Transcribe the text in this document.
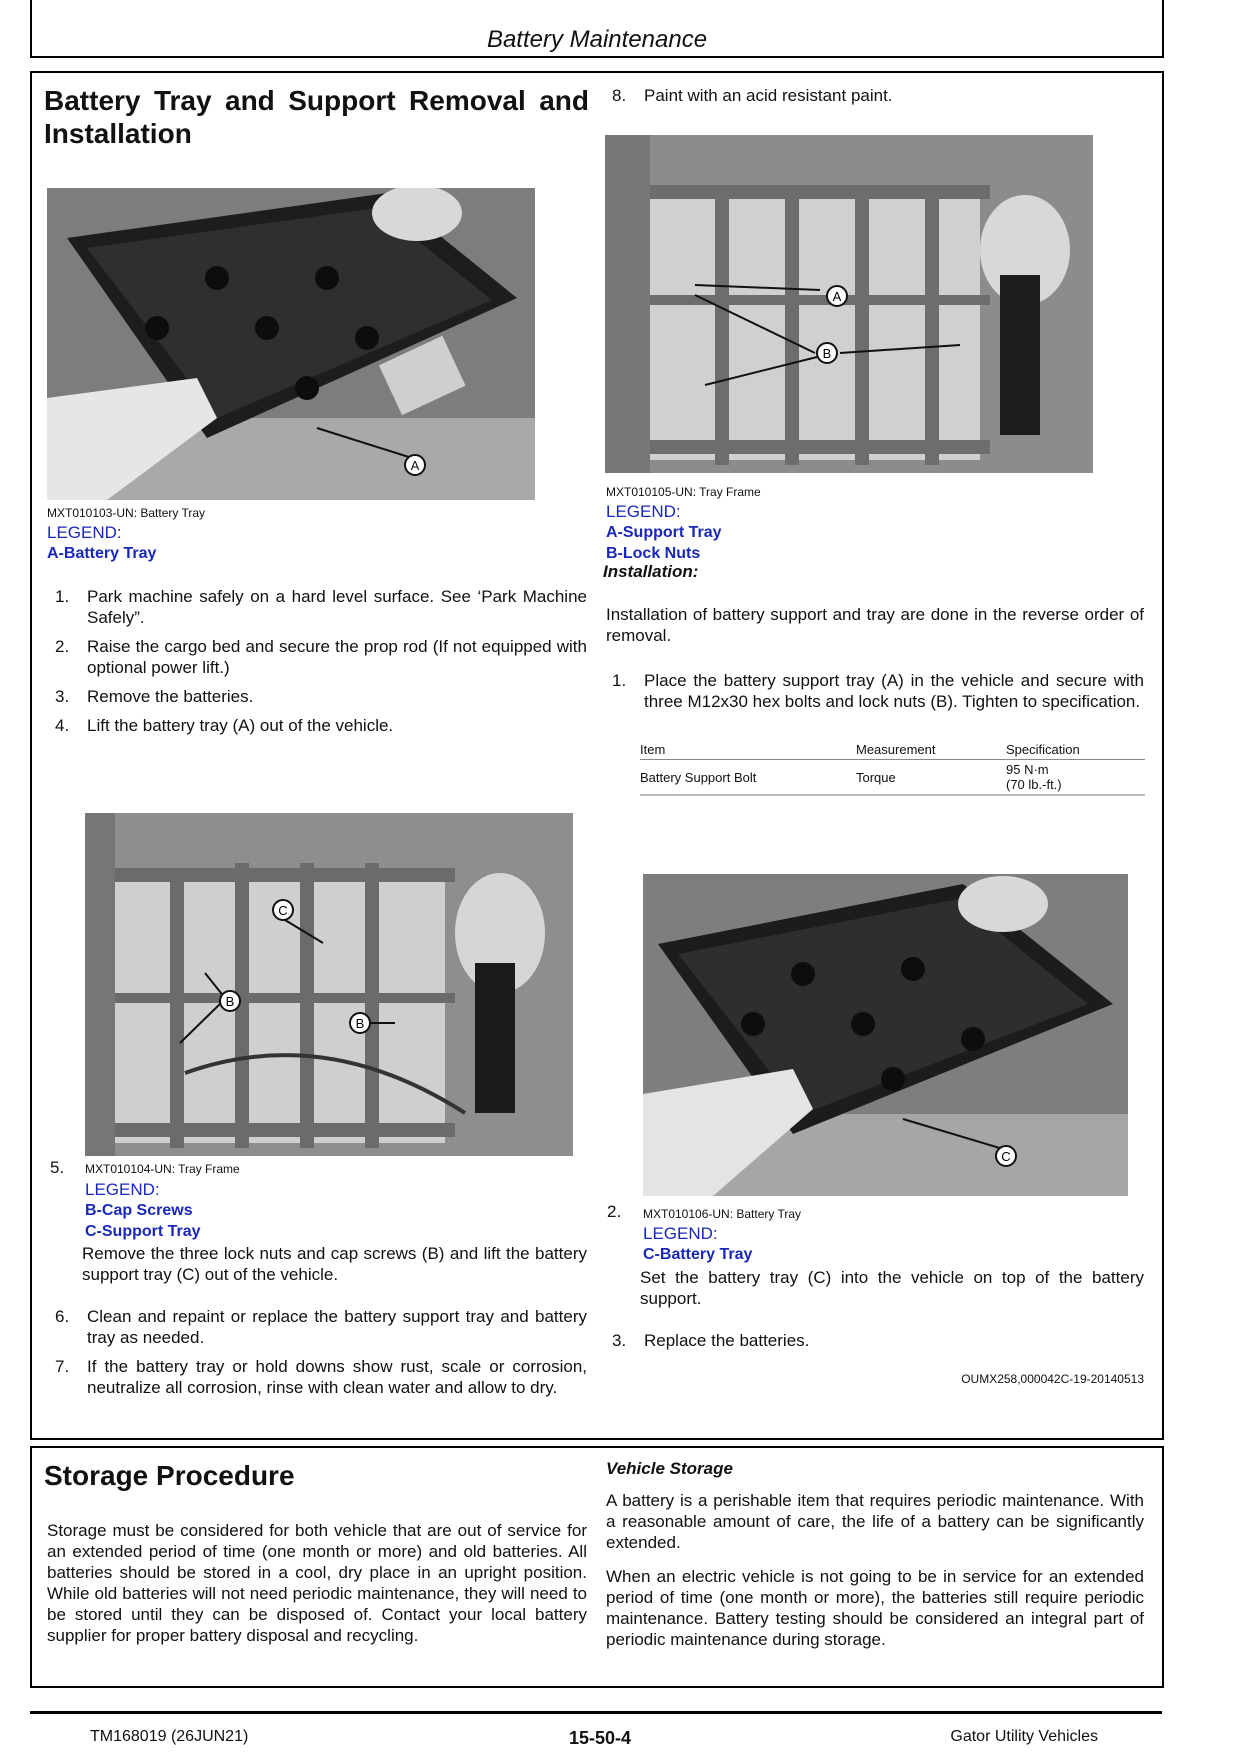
Battery Maintenance
Battery Tray and Support Removal and Installation
A
MXT010103-UN: Battery Tray
LEGEND:
A-Battery Tray
1. Park machine safely on a hard level surface. See ‘Park Machine Safely”.
2. Raise the cargo bed and secure the prop rod (If not equipped with optional power lift.)
3. Remove the batteries.
4. Lift the battery tray (A) out of the vehicle.
C
B
B
5. MXT010104-UN: Tray Frame
LEGEND:
B-Cap Screws
C-Support Tray
Remove the three lock nuts and cap screws (B) and lift the battery support tray (C) out of the vehicle.
6. Clean and repaint or replace the battery support tray and battery tray as needed.
7. If the battery tray or hold downs show rust, scale or corrosion, neutralize all corrosion, rinse with clean water and allow to dry.
8. Paint with an acid resistant paint.
A
B
MXT010105-UN: Tray Frame
LEGEND:
A-Support Tray
B-Lock Nuts
Installation:
Installation of battery support and tray are done in the reverse order of removal.
1. Place the battery support tray (A) in the vehicle and secure with three M12x30 hex bolts and lock nuts (B). Tighten to specification.
Item	Measurement	Specification
Battery Support Bolt	Torque	95 N·m
(70 lb.-ft.)
C
2. MXT010106-UN: Battery Tray
LEGEND:
C-Battery Tray
Set the battery tray (C) into the vehicle on top of the battery support.
3. Replace the batteries.
OUMX258,000042C-19-20140513
Storage Procedure
Storage must be considered for both vehicle that are out of service for an extended period of time (one month or more) and old batteries. All batteries should be stored in a cool, dry place in an upright position. While old batteries will not need periodic maintenance, they will need to be stored until they can be disposed of. Contact your local battery supplier for proper battery disposal and recycling.
Vehicle Storage
A battery is a perishable item that requires periodic maintenance. With a reasonable amount of care, the life of a battery can be significantly extended.
When an electric vehicle is not going to be in service for an extended period of time (one month or more), the batteries still require periodic maintenance. Battery testing should be considered an integral part of periodic maintenance during storage.
TM168019 (26JUN21)	15-50-4	Gator Utility Vehicles
